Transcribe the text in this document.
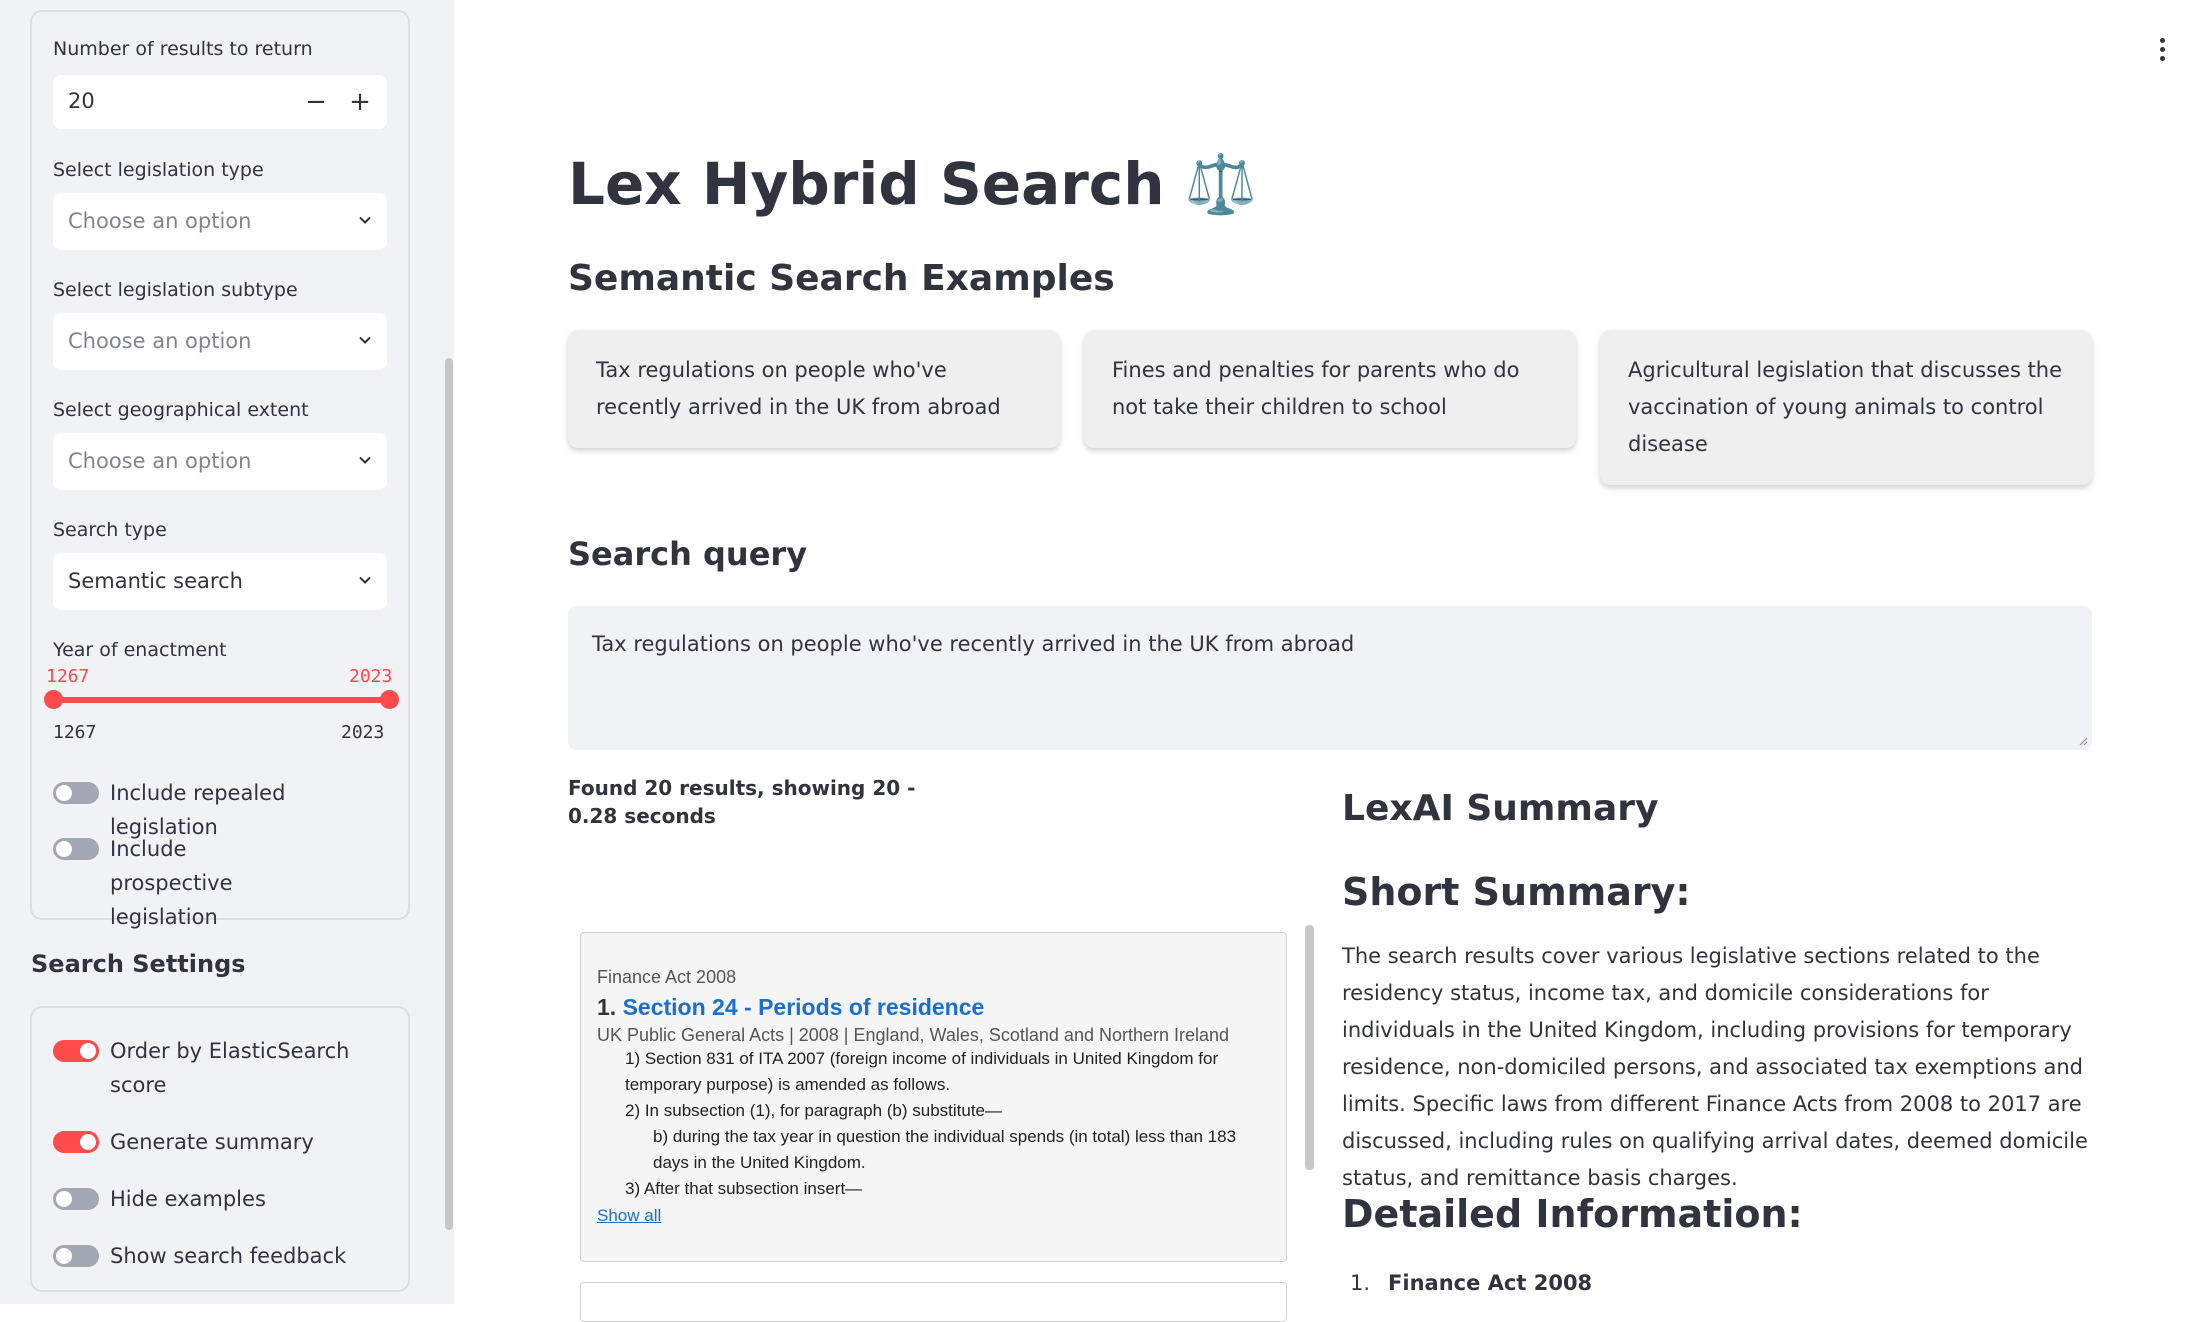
Number of results to return
20	− +
Select legislation type
Choose an option
Select legislation subtype
Choose an option
Select geographical extent
Choose an option
Search type
Semantic search
Year of enactment
1267	2023
1267	2023
Include repealed legislation
Include prospective legislation
Search Settings
Order by ElasticSearch score
Generate summary
Hide examples
Show search feedback
Lex Hybrid Search ⚖️
Semantic Search Examples
Tax regulations on people who've recently arrived in the UK from abroad
Fines and penalties for parents who do not take their children to school
Agricultural legislation that discusses the vaccination of young animals to control disease
Search query
Tax regulations on people who've recently arrived in the UK from abroad
Found 20 results, showing 20 - 0.28 seconds
Finance Act 2008
1. Section 24 - Periods of residence
UK Public General Acts | 2008 | England, Wales, Scotland and Northern Ireland
1) Section 831 of ITA 2007 (foreign income of individuals in United Kingdom for temporary purpose) is amended as follows.
2) In subsection (1), for paragraph (b) substitute—
b) during the tax year in question the individual spends (in total) less than 183 days in the United Kingdom.
3) After that subsection insert—
Show all
LexAI Summary
Short Summary:
The search results cover various legislative sections related to the residency status, income tax, and domicile considerations for individuals in the United Kingdom, including provisions for temporary residence, non-domiciled persons, and associated tax exemptions and limits. Specific laws from different Finance Acts from 2008 to 2017 are discussed, including rules on qualifying arrival dates, deemed domicile status, and remittance basis charges.
Detailed Information:
1. Finance Act 2008
